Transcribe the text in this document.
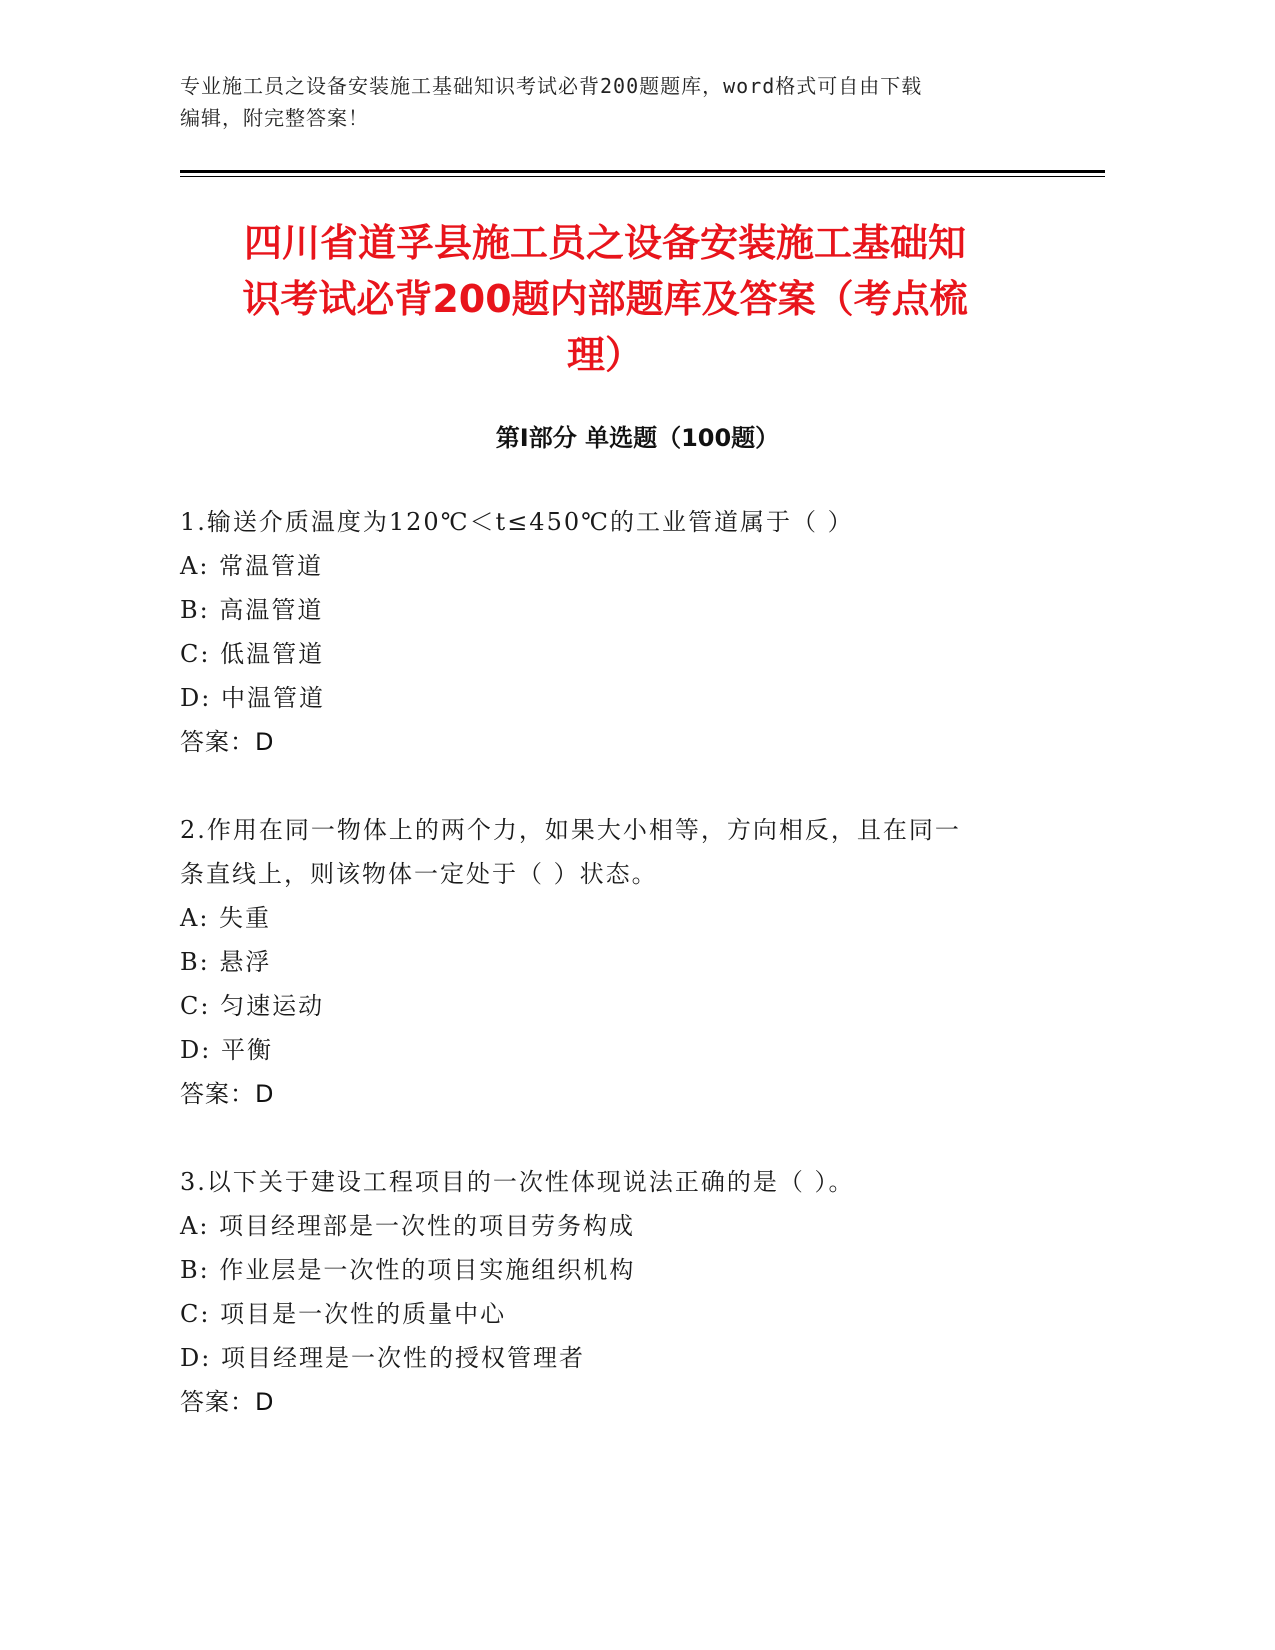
专业施工员之设备安装施工基础知识考试必背200题题库，word格式可自由下载
编辑，附完整答案！
四川省道孚县施工员之设备安装施工基础知
识考试必背200题内部题库及答案（考点梳
理）
第Ⅰ部分 单选题（100题）
1.输送介质温度为120℃＜t≤450℃的工业管道属于（ ）
A: 常温管道
B: 高温管道
C: 低温管道
D: 中温管道
答案：D
2.作用在同一物体上的两个力，如果大小相等，方向相反，且在同一
条直线上，则该物体一定处于（ ）状态。
A: 失重
B: 悬浮
C: 匀速运动
D: 平衡
答案：D
3.以下关于建设工程项目的一次性体现说法正确的是（ ）。
A: 项目经理部是一次性的项目劳务构成
B: 作业层是一次性的项目实施组织机构
C: 项目是一次性的质量中心
D: 项目经理是一次性的授权管理者
答案：D
